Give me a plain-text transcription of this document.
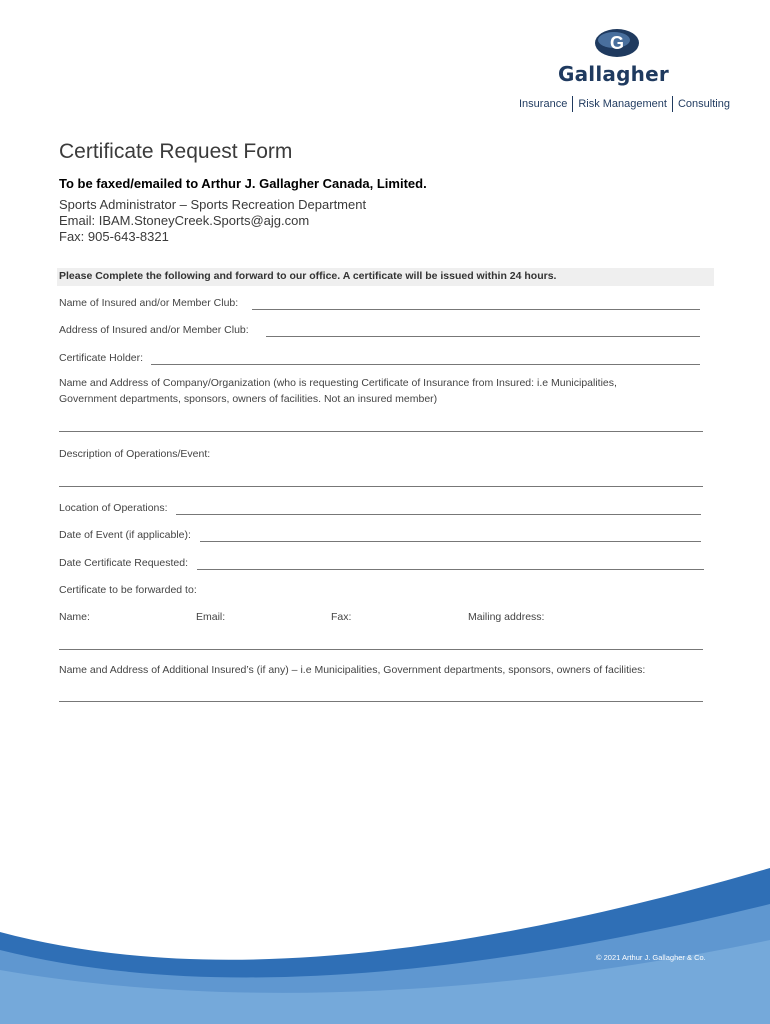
G
Gallagher
Insurance Risk Management Consulting
Certificate Request Form
To be faxed/emailed to Arthur J. Gallagher Canada, Limited.
Sports Administrator – Sports Recreation Department
Email: IBAM.StoneyCreek.Sports@ajg.com
Fax: 905-643-8321
Please Complete the following and forward to our office. A certificate will be issued within 24 hours.
Name of Insured and/or Member Club:
Address of Insured and/or Member Club:
Certificate Holder:
Name and Address of Company/Organization (who is requesting Certificate of Insurance from Insured: i.e Municipalities,
Government departments, sponsors, owners of facilities. Not an insured member)
Description of Operations/Event:
Location of Operations:
Date of Event (if applicable):
Date Certificate Requested:
Certificate to be forwarded to:
Name:	Email:	Fax:	Mailing address:
Name and Address of Additional Insured’s (if any) – i.e Municipalities, Government departments, sponsors, owners of facilities:
© 2021 Arthur J. Gallagher & Co.
